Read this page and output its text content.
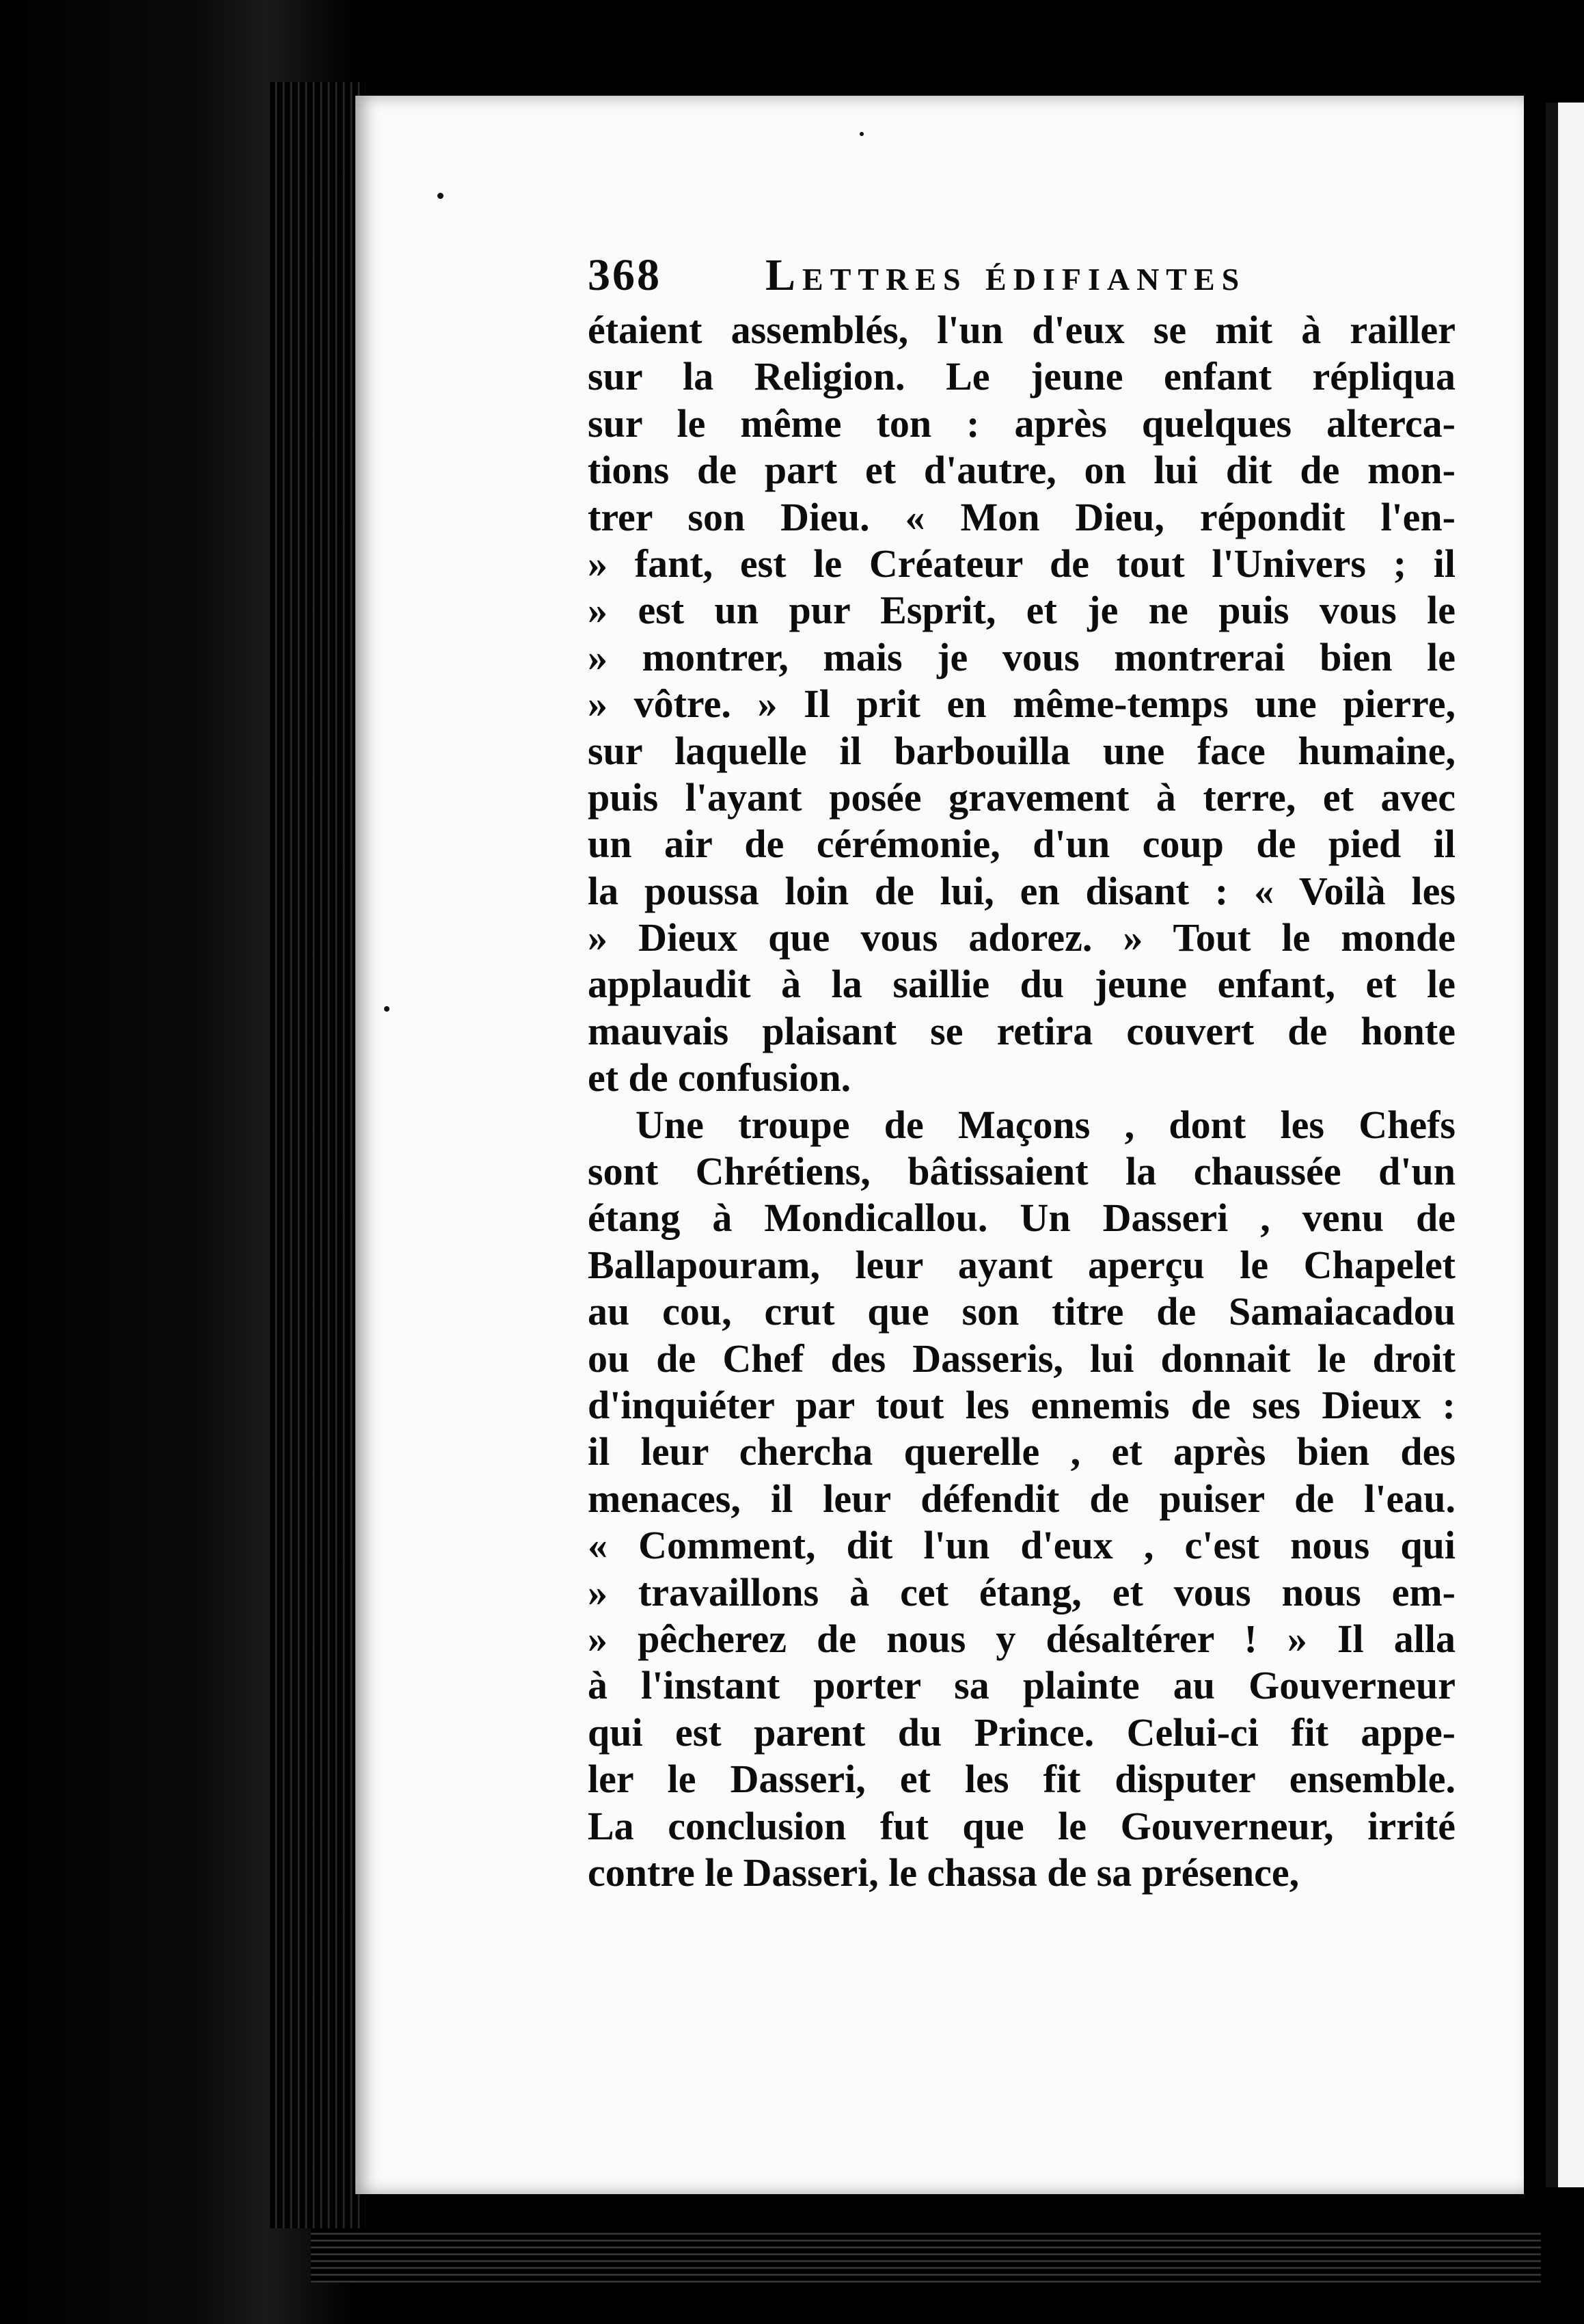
368	Lettres édifiantes
étaient assemblés, l'un d'eux se mit à railler
sur la Religion. Le jeune enfant répliqua
sur le même ton : après quelques alterca-
tions de part et d'autre, on lui dit de mon-
trer son Dieu. « Mon Dieu, répondit l'en-
» fant, est le Créateur de tout l'Univers ; il
» est un pur Esprit, et je ne puis vous le
» montrer, mais je vous montrerai bien le
» vôtre. » Il prit en même-temps une pierre,
sur laquelle il barbouilla une face humaine,
puis l'ayant posée gravement à terre, et avec
un air de cérémonie, d'un coup de pied il
la poussa loin de lui, en disant : « Voilà les
» Dieux que vous adorez. » Tout le monde
applaudit à la saillie du jeune enfant, et le
mauvais plaisant se retira couvert de honte
et de confusion.
Une troupe de Maçons , dont les Chefs
sont Chrétiens, bâtissaient la chaussée d'un
étang à Mondicallou. Un Dasseri , venu de
Ballapouram, leur ayant aperçu le Chapelet
au cou, crut que son titre de Samaiacadou
ou de Chef des Dasseris, lui donnait le droit
d'inquiéter par tout les ennemis de ses Dieux :
il leur chercha querelle , et après bien des
menaces, il leur défendit de puiser de l'eau.
« Comment, dit l'un d'eux , c'est nous qui
» travaillons à cet étang, et vous nous em-
» pêcherez de nous y désaltérer ! » Il alla
à l'instant porter sa plainte au Gouverneur
qui est parent du Prince. Celui-ci fit appe-
ler le Dasseri, et les fit disputer ensemble.
La conclusion fut que le Gouverneur, irrité
contre le Dasseri, le chassa de sa présence,
